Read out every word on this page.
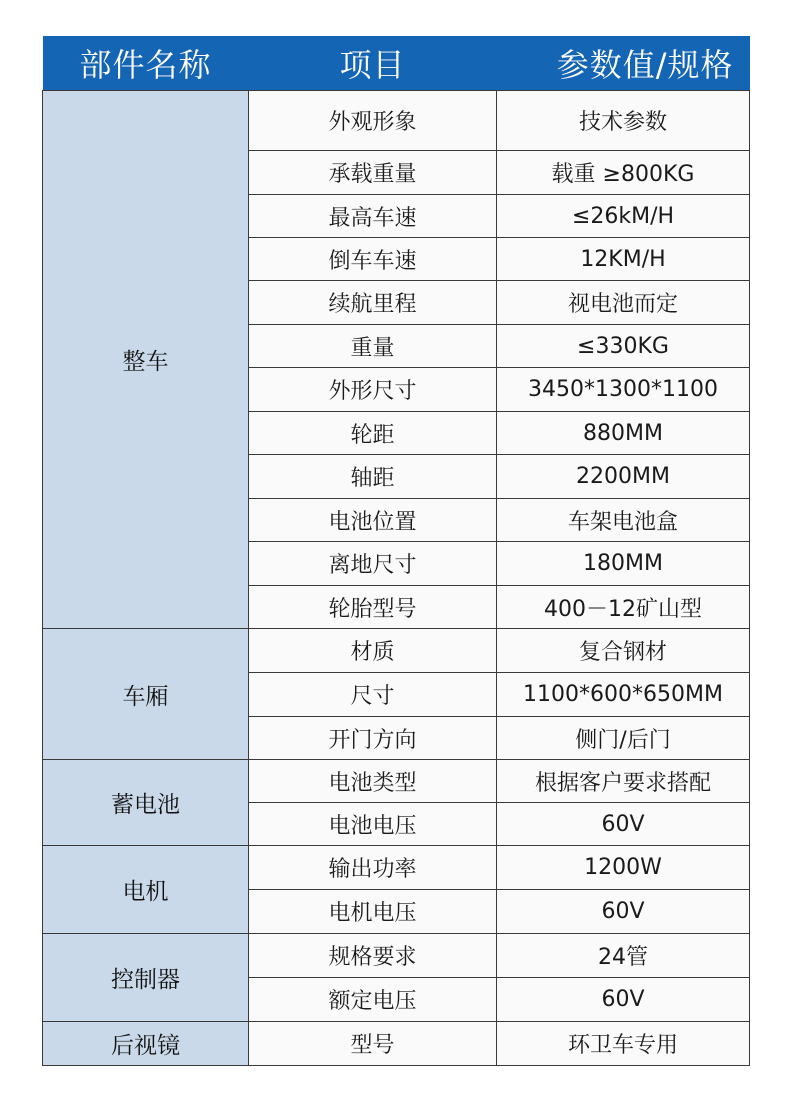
部件名称	项目	参数值/规格
整车	外观形象	技术参数
	承载重量	载重 ≥800KG
	最高车速	≤26kM/H
	倒车车速	12KM/H
	续航里程	视电池而定
	重量	≤330KG
	外形尺寸	3450*1300*1100
	轮距	880MM
	轴距	2200MM
	电池位置	车架电池盒
	离地尺寸	180MM
	轮胎型号	400－12矿山型
车厢	材质	复合钢材
	尺寸	1100*600*650MM
	开门方向	侧门/后门
蓄电池	电池类型	根据客户要求搭配
	电池电压	60V
电机	输出功率	1200W
	电机电压	60V
控制器	规格要求	24管
	额定电压	60V
后视镜	型号	环卫车专用
